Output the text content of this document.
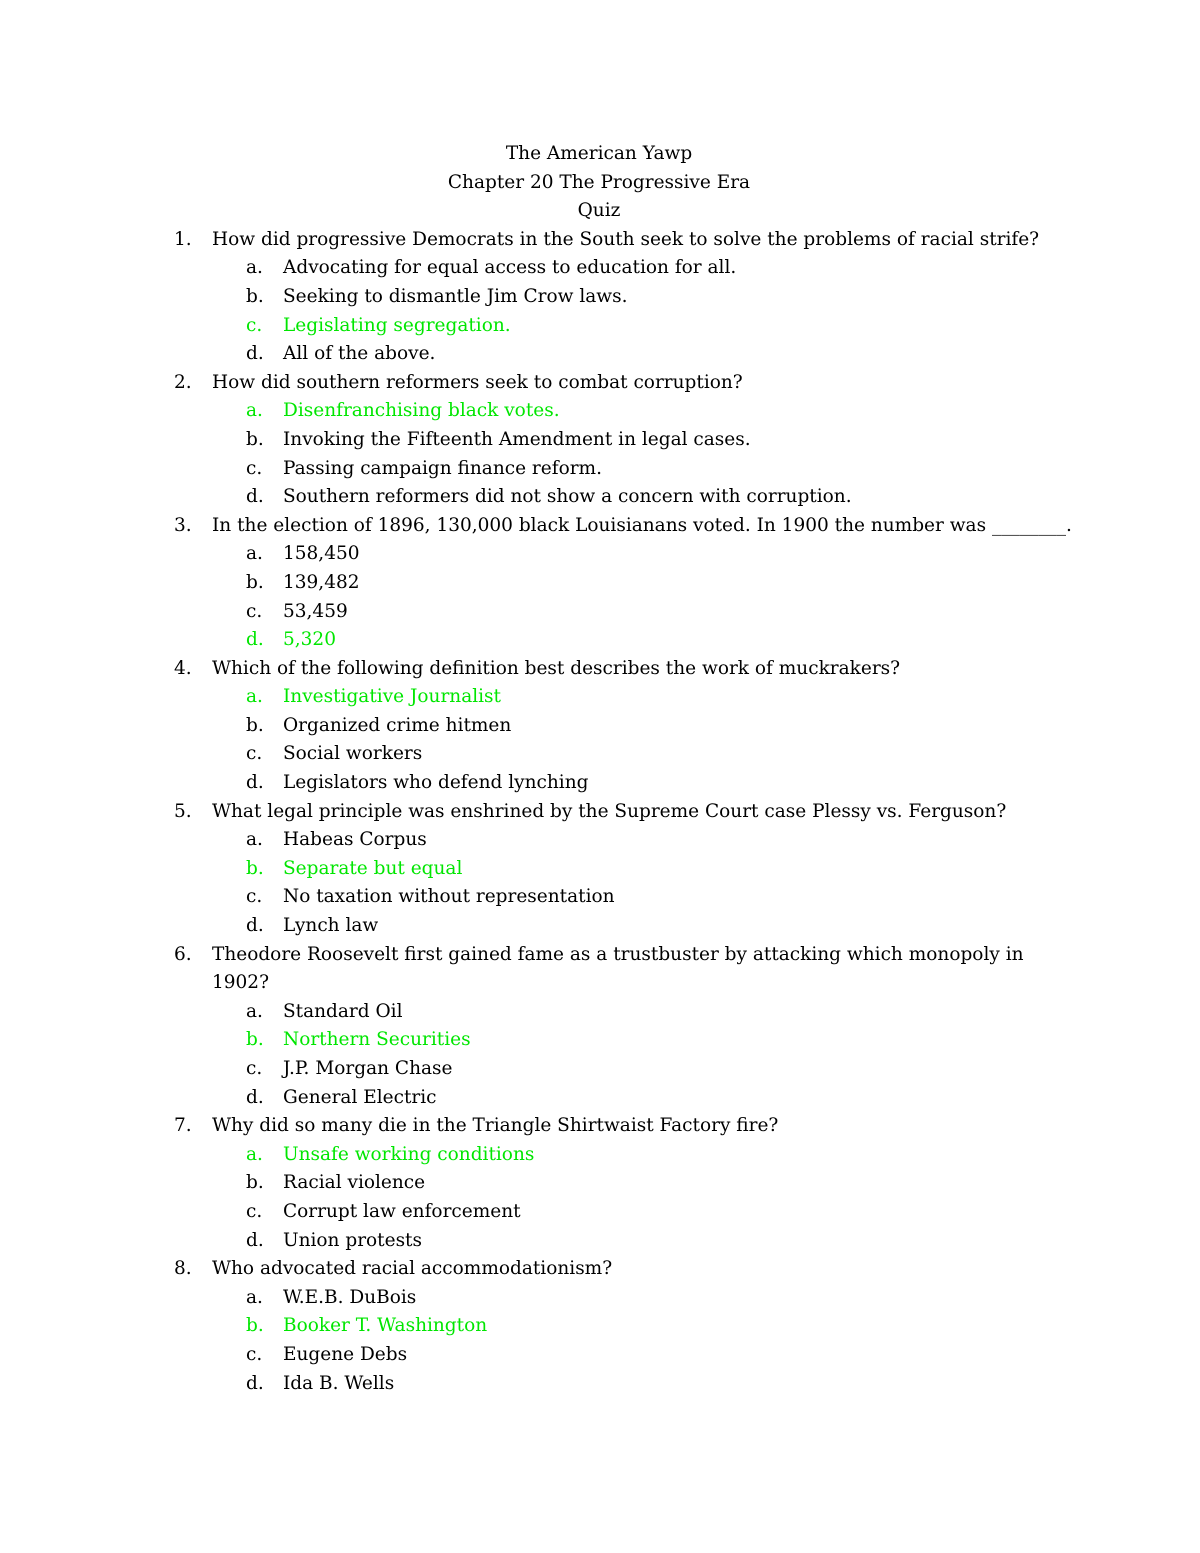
The American Yawp
Chapter 20 The Progressive Era
Quiz
1. How did progressive Democrats in the South seek to solve the problems of racial strife?
a. Advocating for equal access to education for all.
b. Seeking to dismantle Jim Crow laws.
c. Legislating segregation.
d. All of the above.
2. How did southern reformers seek to combat corruption?
a. Disenfranchising black votes.
b. Invoking the Fifteenth Amendment in legal cases.
c. Passing campaign finance reform.
d. Southern reformers did not show a concern with corruption.
3. In the election of 1896, 130,000 black Louisianans voted. In 1900 the number was ________.
a. 158,450
b. 139,482
c. 53,459
d. 5,320
4. Which of the following definition best describes the work of muckrakers?
a. Investigative Journalist
b. Organized crime hitmen
c. Social workers
d. Legislators who defend lynching
5. What legal principle was enshrined by the Supreme Court case Plessy vs. Ferguson?
a. Habeas Corpus
b. Separate but equal
c. No taxation without representation
d. Lynch law
6. Theodore Roosevelt first gained fame as a trustbuster by attacking which monopoly in
1902?
a. Standard Oil
b. Northern Securities
c. J.P. Morgan Chase
d. General Electric
7. Why did so many die in the Triangle Shirtwaist Factory fire?
a. Unsafe working conditions
b. Racial violence
c. Corrupt law enforcement
d. Union protests
8. Who advocated racial accommodationism?
a. W.E.B. DuBois
b. Booker T. Washington
c. Eugene Debs
d. Ida B. Wells
